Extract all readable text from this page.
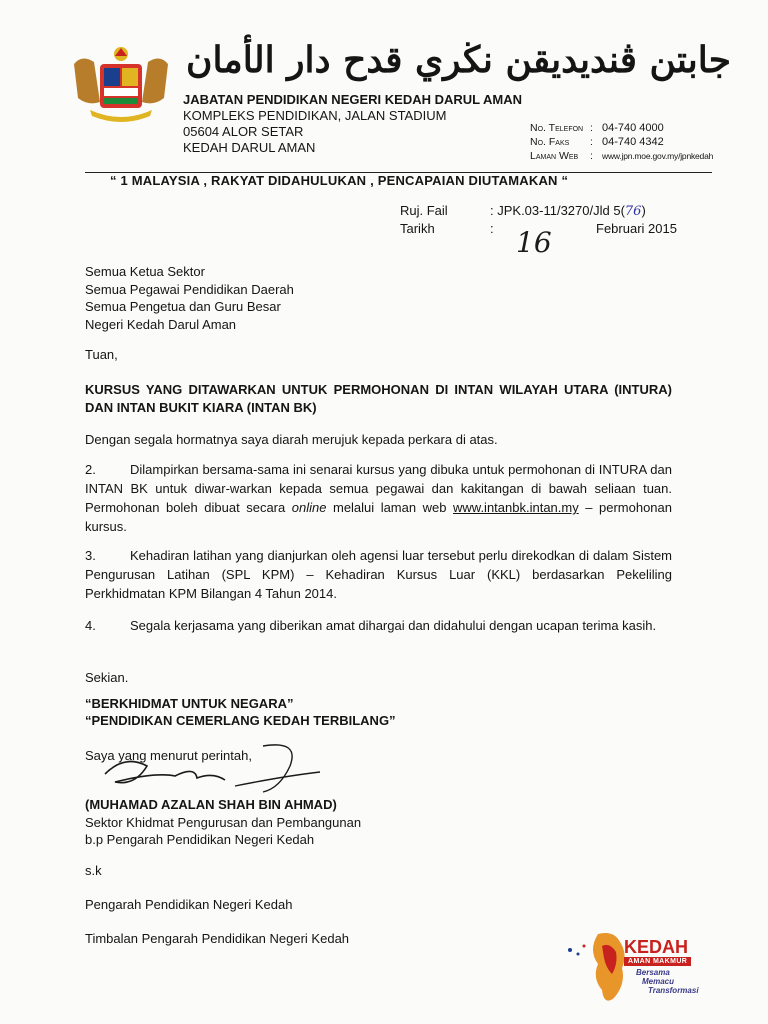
جابتن ڤنديديقن نڬري قدح دار الأمان
JABATAN PENDIDIKAN NEGERI KEDAH DARUL AMAN
KOMPLEKS PENDIDIKAN, JALAN STADIUM
05604 ALOR SETAR
KEDAH DARUL AMAN
No. Telefon : 04-740 4000
No. Faks	: 04-740 4342
Laman Web	:	www.jpn.moe.gov.my/jpnkedah
“ 1 MALAYSIA , RAKYAT DIDAHULUKAN , PENCAPAIAN DIUTAMAKAN “
Ruj. Fail	: JPK.03-11/3270/Jld 5(76)
Tarikh	:	Februari 2015
16
Semua Ketua Sektor
Semua Pegawai Pendidikan Daerah
Semua Pengetua dan Guru Besar
Negeri Kedah Darul Aman
Tuan,
KURSUS YANG DITAWARKAN UNTUK PERMOHONAN DI INTAN WILAYAH UTARA (INTURA) DAN INTAN BUKIT KIARA (INTAN BK)
Dengan segala hormatnya saya diarah merujuk kepada perkara di atas.
2.	Dilampirkan bersama-sama ini senarai kursus yang dibuka untuk permohonan di INTURA dan INTAN BK untuk diwar-warkan kepada semua pegawai dan kakitangan di bawah seliaan tuan. Permohonan boleh dibuat secara online melalui laman web www.intanbk.intan.my – permohonan kursus.
3.	Kehadiran latihan yang dianjurkan oleh agensi luar tersebut perlu direkodkan di dalam Sistem Pengurusan Latihan (SPL KPM) – Kehadiran Kursus Luar (KKL) berdasarkan Pekeliling Perkhidmatan KPM Bilangan 4 Tahun 2014.
4.	Segala kerjasama yang diberikan amat dihargai dan didahului dengan ucapan terima kasih.
Sekian.
“BERKHIDMAT UNTUK NEGARA”
“PENDIDIKAN CEMERLANG KEDAH TERBILANG”
Saya yang menurut perintah,
(MUHAMAD AZALAN SHAH BIN AHMAD)
Sektor Khidmat Pengurusan dan Pembangunan
b.p Pengarah Pendidikan Negeri Kedah
s.k
Pengarah Pendidikan Negeri Kedah
Timbalan Pengarah Pendidikan Negeri Kedah	KEDAH
AMAN MAKMUR
Bersama
Memacu
Transformasi
